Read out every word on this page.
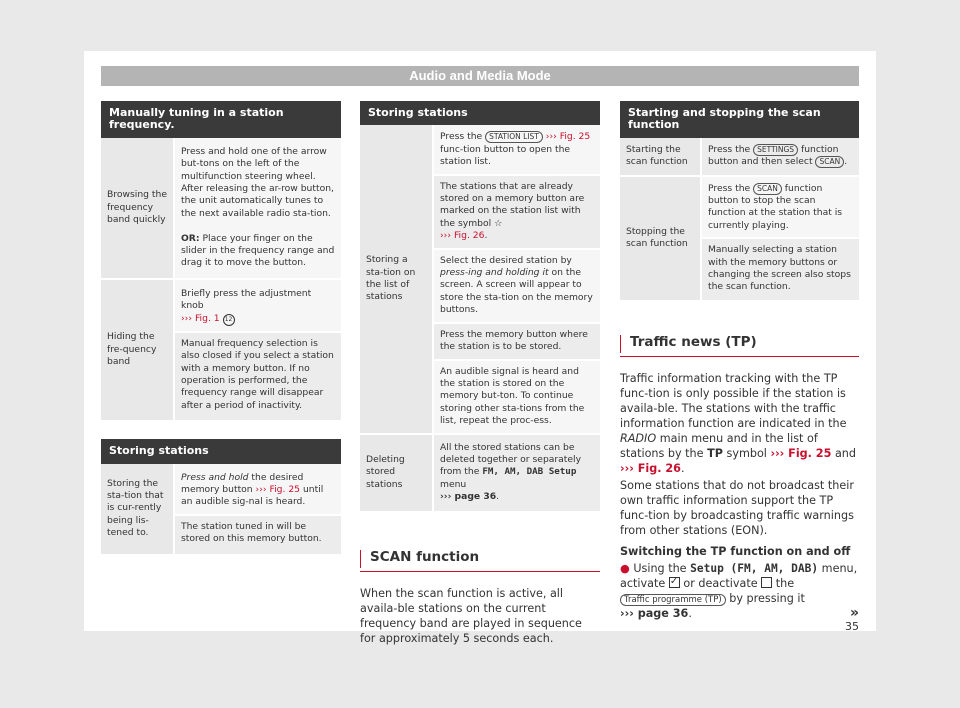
Audio and Media Mode
Manually tuning in a station frequency.	
Browsing the frequency band quickly	Press and hold one of the arrow but-tons on the left of the multifunction steering wheel. After releasing the ar-row button, the unit automatically tunes to the next available radio sta-tion.

OR: Place your finger on the slider in the frequency range and drag it to move the button.
Hiding the fre-quency band	Briefly press the adjustment knob
››› Fig. 1 12
	Manual frequency selection is also closed if you select a station with a memory button. If no operation is performed, the frequency range will disappear after a period of inactivity.
Storing stations
Storing the sta-tion that is cur-rently being lis-tened to.	Press and hold the desired memory button ››› Fig. 25 until an audible sig-nal is heard.
The station tuned in will be stored on this memory button.
Storing stations	
Storing a sta-tion on the list of stations	Press the STATION LIST ››› Fig. 25 func-tion button to open the station list.
	The stations that are already stored on a memory button are marked on the station list with the symbol ☆
››› Fig. 26.
	Select the desired station by press-ing and holding it on the screen. A screen will appear to store the sta-tion on the memory buttons.
	Press the memory button where the station is to be stored.
	An audible signal is heard and the station is stored on the memory but-ton. To continue storing other sta-tions from the list, repeat the proc-ess.
Deleting stored stations	All the stored stations can be deleted together or separately from the FM, AM, DAB Setup menu
››› page 36.
SCAN function
When the scan function is active, all availa-ble stations on the current frequency band are played in sequence for approximately 5 seconds each.
Starting and stopping the scan function	
Starting the scan function	Press the SETTINGS function button and then select SCAN .
Stopping the scan function	Press the SCAN function button to stop the scan function at the station that is currently playing.
	Manually selecting a station with the memory buttons or changing the screen also stops the scan function.
Traffic news (TP)
Traffic information tracking with the TP func-tion is only possible if the station is availa-ble. The stations with the traffic information function are indicated in the RADIO main menu and in the list of stations by the TP symbol ››› Fig. 25 and ››› Fig. 26.
Some stations that do not broadcast their own traffic information support the TP func-tion by broadcasting traffic warnings from other stations (EON).
Switching the TP function on and off
● Using the Setup (FM, AM, DAB) menu, activate ✓ or deactivate  the
Traffic programme (TP) by pressing it
››› page 36.	»
35
